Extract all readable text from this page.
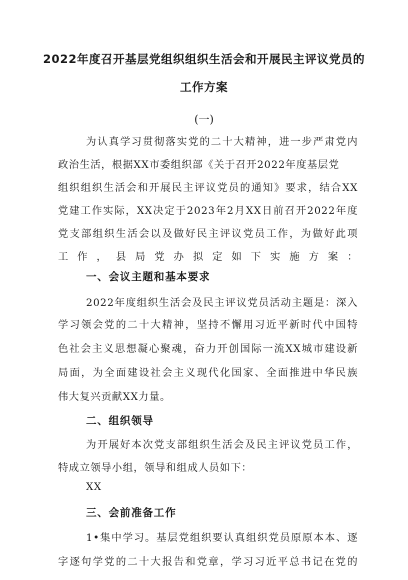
2022年度召开基层党组织组织生活会和开展民主评议党员的
工作方案
(一)
为认真学习贯彻落实党的二十大精神，进一步严肃党内
政治生活，根据XX市委组织部《关于召开2022年度基层党
组织组织生活会和开展民主评议党员的通知》要求，结合XX
党建工作实际，XX决定于2023年2月XX日前召开2022年度
党支部组织生活会以及做好民主评议党员工作，为做好此项
工作，县局党办拟定如下实施方案：
一、会议主题和基本要求
2022年度组织生活会及民主评议党员活动主题是：深入
学习领会党的二十大精神，坚持不懈用习近平新时代中国特
色社会主义思想凝心聚魂，奋力开创国际一流XX城市建设新
局面，为全面建设社会主义现代化国家、全面推进中华民族
伟大复兴贡献XX力量。
二、组织领导
为开展好本次党支部组织生活会及民主评议党员工作，
特成立领导小组，领导和组成人员如下：
XX
三、会前准备工作
1•集中学习。基层党组织要认真组织党员原原本本、逐
字逐句学党的二十大报告和党章，学习习近平总书记在党的
